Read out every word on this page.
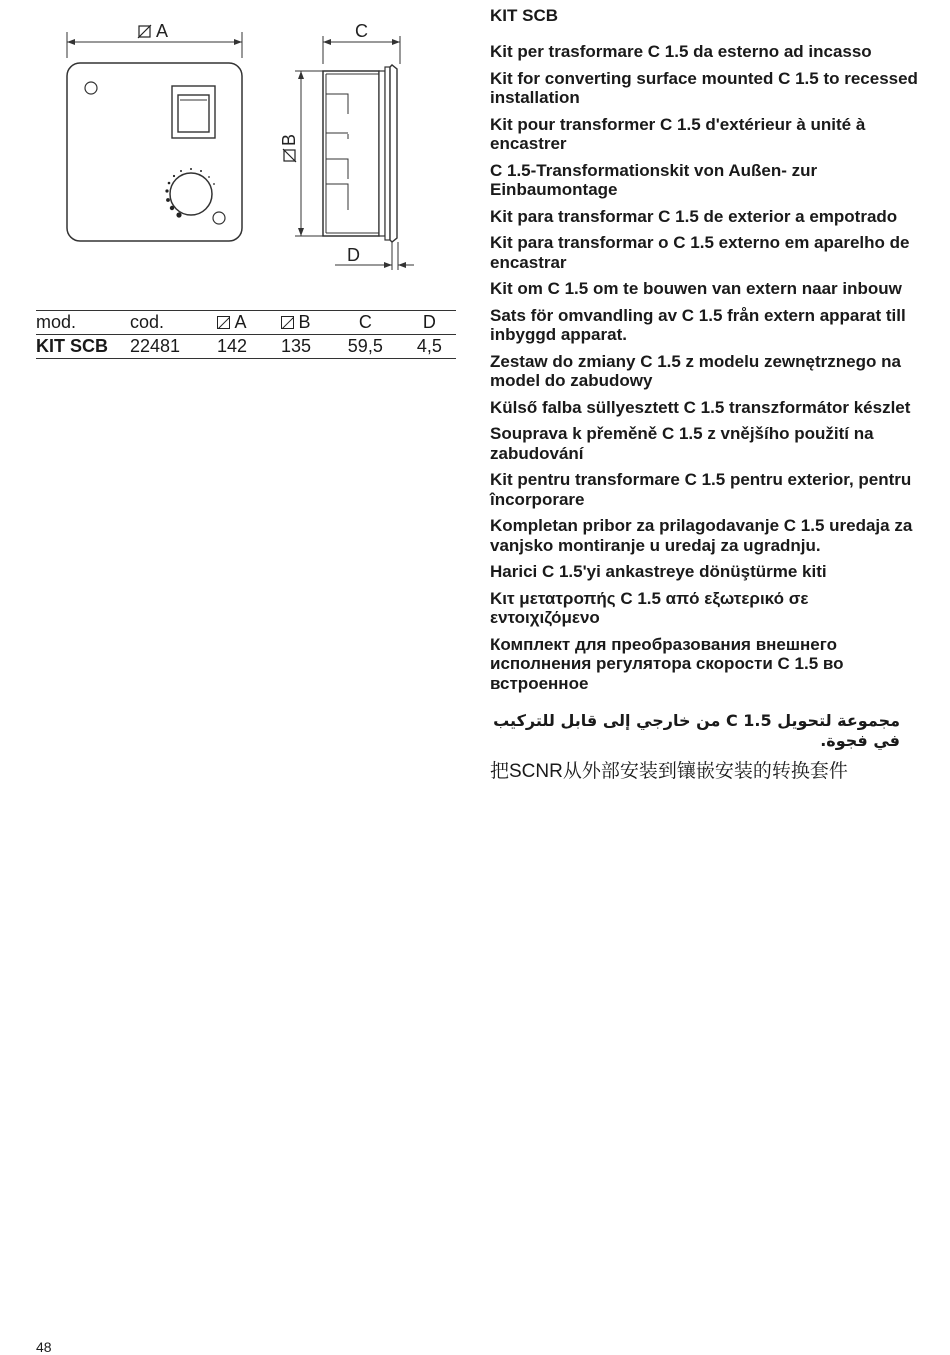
A	C
B
D
mod.	cod.	A	B	C	D
KIT SCB	22481	142	135	59,5	4,5
KIT SCB
Kit per trasformare C 1.5 da esterno ad incasso
Kit for converting surface mounted C 1.5 to recessed installation
Kit pour transformer C 1.5 d'extérieur à unité à encastrer
C 1.5-Transformationskit von Außen- zur Einbaumontage
Kit para transformar C 1.5 de exterior a empotrado
Kit para transformar o C 1.5 externo em aparelho de encastrar
Kit om C 1.5 om te bouwen van extern naar inbouw
Sats för omvandling av C 1.5 från extern apparat till inbyggd apparat.
Zestaw do zmiany C 1.5 z modelu zewnętrznego na model do zabudowy
Külső falba süllyesztett C 1.5 transzformátor készlet
Souprava k přeměně C 1.5 z vnějšího použití na zabudování
Kit pentru transformare C 1.5 pentru exterior, pentru încorporare
Kompletan pribor za prilagodavanje C 1.5 uredaja za vanjsko montiranje u uredaj za ugradnju.
Harici C 1.5'yi ankastreye dönüştürme kiti
Κιτ μετατροπής C 1.5 από εξωτερικό σε εντοιχιζόμενο
Комплект для преобразования внешнего исполнения регулятора скорости С 1.5 во встроенное
مجموعة لتحويل C 1.5 من خارجي إلى قابل للتركيب في فجوة.
把SCNR从外部安装到镶嵌安装的转换套件
48
